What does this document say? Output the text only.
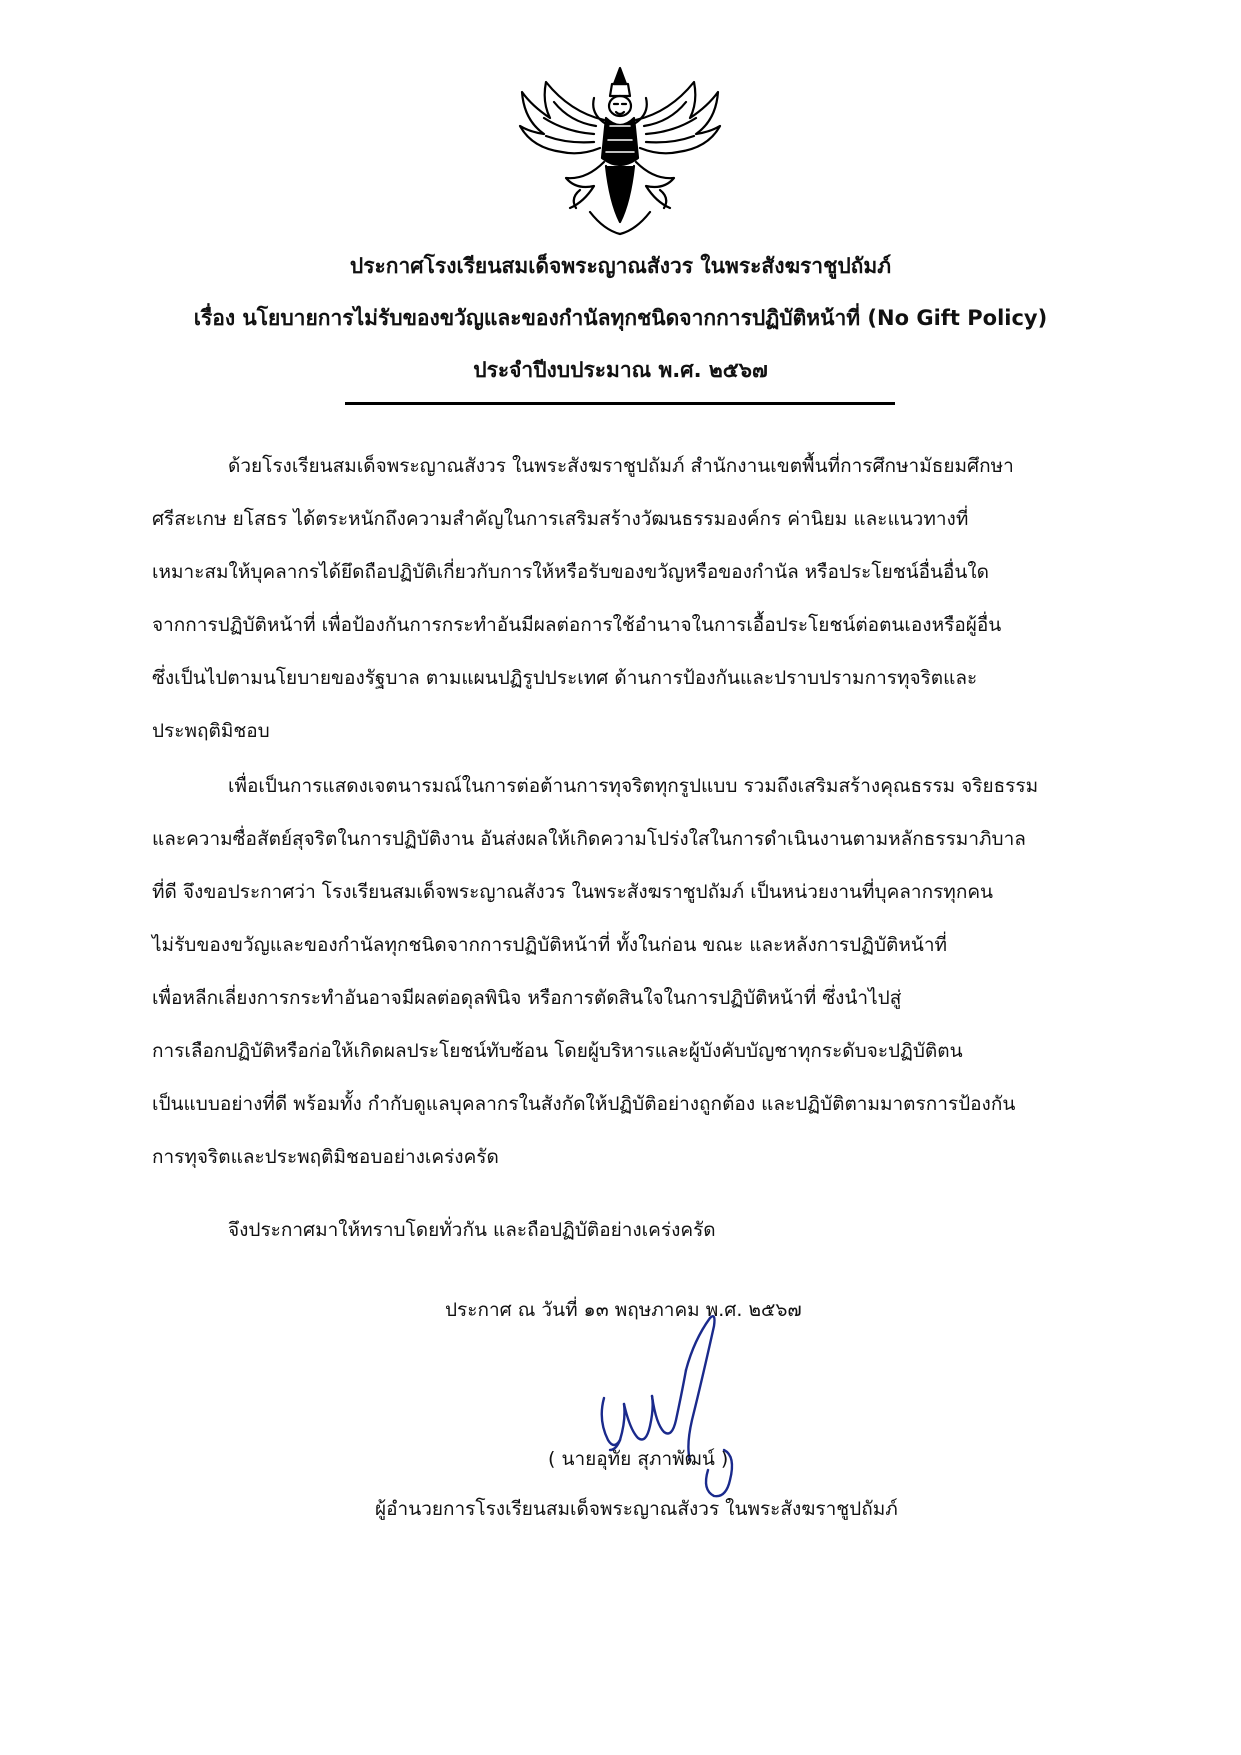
ประกาศโรงเรียนสมเด็จพระญาณสังวร ในพระสังฆราชูปถัมภ์
เรื่อง นโยบายการไม่รับของขวัญและของกำนัลทุกชนิดจากการปฏิบัติหน้าที่ (No Gift Policy)
ประจำปีงบประมาณ พ.ศ. ๒๕๖๗
ด้วยโรงเรียนสมเด็จพระญาณสังวร ในพระสังฆราชูปถัมภ์ สำนักงานเขตพื้นที่การศึกษามัธยมศึกษา
ศรีสะเกษ ยโสธร ได้ตระหนักถึงความสำคัญในการเสริมสร้างวัฒนธรรมองค์กร ค่านิยม และแนวทางที่
เหมาะสมให้บุคลากรได้ยึดถือปฏิบัติเกี่ยวกับการให้หรือรับของขวัญหรือของกำนัล หรือประโยชน์อื่นอื่นใด
จากการปฏิบัติหน้าที่ เพื่อป้องกันการกระทำอันมีผลต่อการใช้อำนาจในการเอื้อประโยชน์ต่อตนเองหรือผู้อื่น
ซึ่งเป็นไปตามนโยบายของรัฐบาล ตามแผนปฏิรูปประเทศ ด้านการป้องกันและปราบปรามการทุจริตและ
ประพฤติมิชอบ
เพื่อเป็นการแสดงเจตนารมณ์ในการต่อต้านการทุจริตทุกรูปแบบ รวมถึงเสริมสร้างคุณธรรม จริยธรรม
และความซื่อสัตย์สุจริตในการปฏิบัติงาน อันส่งผลให้เกิดความโปร่งใสในการดำเนินงานตามหลักธรรมาภิบาล
ที่ดี จึงขอประกาศว่า โรงเรียนสมเด็จพระญาณสังวร ในพระสังฆราชูปถัมภ์ เป็นหน่วยงานที่บุคลากรทุกคน
ไม่รับของขวัญและของกำนัลทุกชนิดจากการปฏิบัติหน้าที่ ทั้งในก่อน ขณะ และหลังการปฏิบัติหน้าที่
เพื่อหลีกเลี่ยงการกระทำอันอาจมีผลต่อดุลพินิจ หรือการตัดสินใจในการปฏิบัติหน้าที่ ซึ่งนำไปสู่
การเลือกปฏิบัติหรือก่อให้เกิดผลประโยชน์ทับซ้อน โดยผู้บริหารและผู้บังคับบัญชาทุกระดับจะปฏิบัติตน
เป็นแบบอย่างที่ดี พร้อมทั้ง กำกับดูแลบุคลากรในสังกัดให้ปฏิบัติอย่างถูกต้อง และปฏิบัติตามมาตรการป้องกัน
การทุจริตและประพฤติมิชอบอย่างเคร่งครัด
จึงประกาศมาให้ทราบโดยทั่วกัน และถือปฏิบัติอย่างเคร่งครัด
ประกาศ ณ วันที่ ๑๓ พฤษภาคม พ.ศ. ๒๕๖๗
( นายอุทัย สุภาพัฒน์ )
ผู้อำนวยการโรงเรียนสมเด็จพระญาณสังวร ในพระสังฆราชูปถัมภ์
